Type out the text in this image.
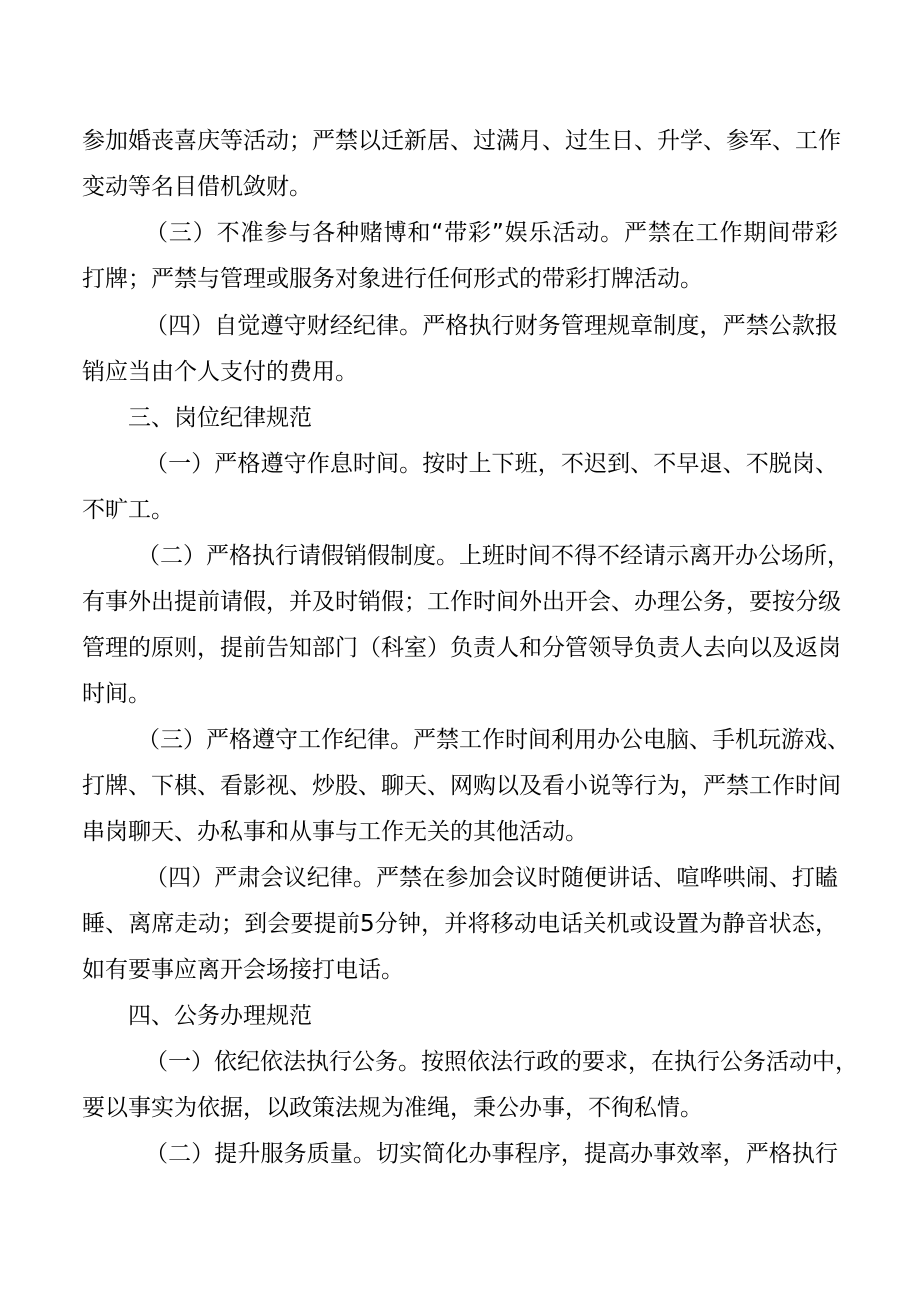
参加婚丧喜庆等活动；严禁以迁新居、过满月、过生日、升学、参军、工作

变动等名目借机敛财。

（三）不准参与各种赌博和“带彩”娱乐活动。严禁在工作期间带彩

打牌；严禁与管理或服务对象进行任何形式的带彩打牌活动。

（四）自觉遵守财经纪律。严格执行财务管理规章制度，严禁公款报

销应当由个人支付的费用。

三、岗位纪律规范

（一）严格遵守作息时间。按时上下班，不迟到、不早退、不脱岗、

不旷工。

（二）严格执行请假销假制度。上班时间不得不经请示离开办公场所，

有事外出提前请假，并及时销假；工作时间外出开会、办理公务，要按分级

管理的原则，提前告知部门（科室）负责人和分管领导负责人去向以及返岗

时间。

（三）严格遵守工作纪律。严禁工作时间利用办公电脑、手机玩游戏、

打牌、下棋、看影视、炒股、聊天、网购以及看小说等行为，严禁工作时间

串岗聊天、办私事和从事与工作无关的其他活动。

（四）严肃会议纪律。严禁在参加会议时随便讲话、喧哗哄闹、打瞌

睡、离席走动；到会要提前5分钟，并将移动电话关机或设置为静音状态，

如有要事应离开会场接打电话。

四、公务办理规范

（一）依纪依法执行公务。按照依法行政的要求，在执行公务活动中，

要以事实为依据，以政策法规为准绳，秉公办事，不徇私情。

（二）提升服务质量。切实简化办事程序，提高办事效率，严格执行
